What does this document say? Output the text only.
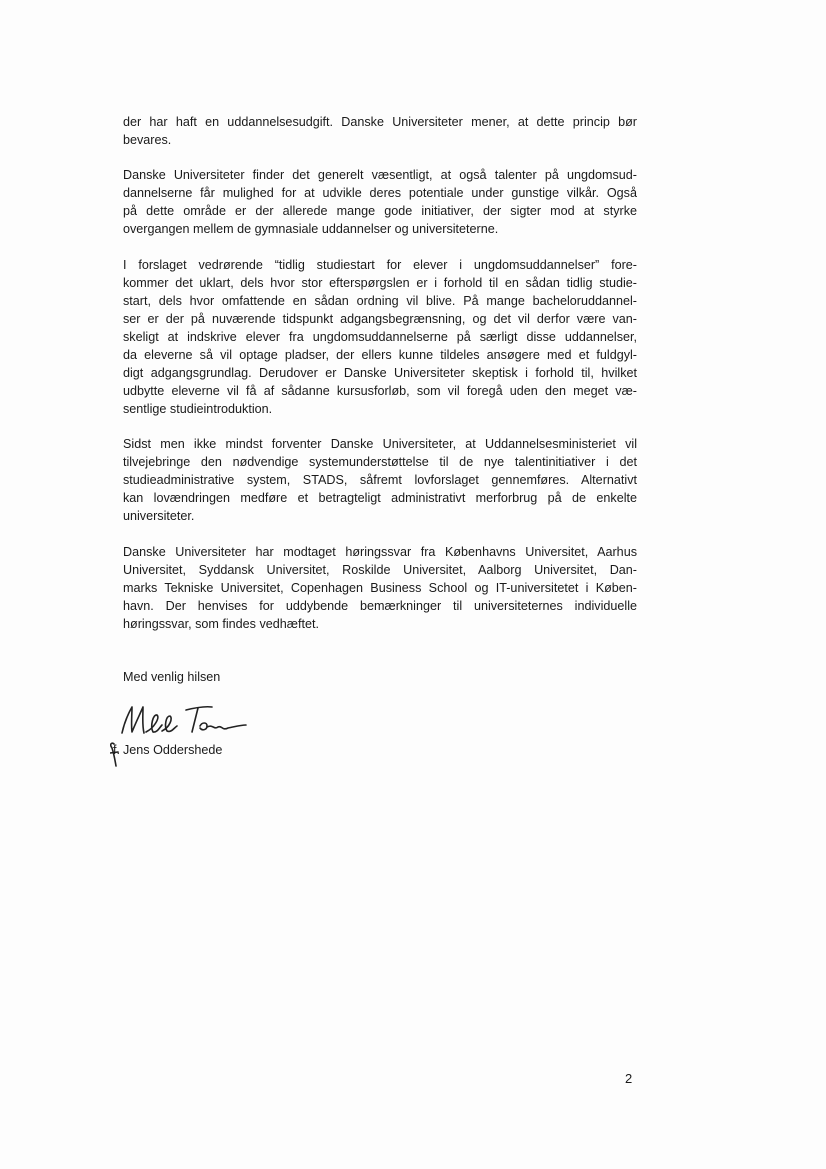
der har haft en uddannelsesudgift. Danske Universiteter mener, at dette princip bør
bevares.
Danske Universiteter finder det generelt væsentligt, at også talenter på ungdomsud-
dannelserne får mulighed for at udvikle deres potentiale under gunstige vilkår. Også
på dette område er der allerede mange gode initiativer, der sigter mod at styrke
overgangen mellem de gymnasiale uddannelser og universiteterne.
I forslaget vedrørende “tidlig studiestart for elever i ungdomsuddannelser” fore-
kommer det uklart, dels hvor stor efterspørgslen er i forhold til en sådan tidlig studie-
start, dels hvor omfattende en sådan ordning vil blive. På mange bacheloruddannel-
ser er der på nuværende tidspunkt adgangsbegrænsning, og det vil derfor være van-
skeligt at indskrive elever fra ungdomsuddannelserne på særligt disse uddannelser,
da eleverne så vil optage pladser, der ellers kunne tildeles ansøgere med et fuldgyl-
digt adgangsgrundlag. Derudover er Danske Universiteter skeptisk i forhold til, hvilket
udbytte eleverne vil få af sådanne kursusforløb, som vil foregå uden den meget væ-
sentlige studieintroduktion.
Sidst men ikke mindst forventer Danske Universiteter, at Uddannelsesministeriet vil
tilvejebringe den nødvendige systemunderstøttelse til de nye talentinitiativer i det
studieadministrative system, STADS, såfremt lovforslaget gennemføres. Alternativt
kan lovændringen medføre et betragteligt administrativt merforbrug på de enkelte
universiteter.
Danske Universiteter har modtaget høringssvar fra Københavns Universitet, Aarhus
Universitet, Syddansk Universitet, Roskilde Universitet, Aalborg Universitet, Dan-
marks Tekniske Universitet, Copenhagen Business School og IT-universitetet i Køben-
havn. Der henvises for uddybende bemærkninger til universiteternes individuelle
høringssvar, som findes vedhæftet.
Med venlig hilsen
f. Jens Oddershede
2
